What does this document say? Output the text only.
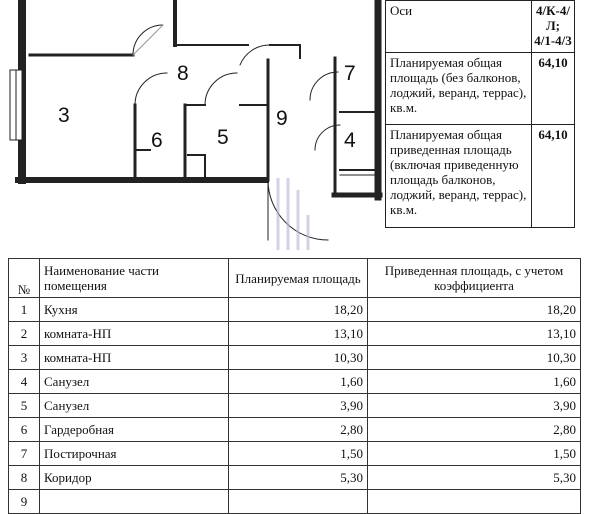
3
4
5
6
7
8
9
Оси	4/К-4/Л; 4/1-4/3
Планируемая общая площадь (без балконов, лоджий, веранд, террас), кв.м.	64,10
Планируемая общая приведенная площадь (включая приведенную площадь балконов, лоджий, веранд, террас), кв.м.	64,10
№	Наименование части помещения	Планируемая площадь	Приведенная площадь, с учетом коэффициента
1	Кухня	18,20	18,20
2	комната-НП	13,10	13,10
3	комната-НП	10,30	10,30
4	Санузел	1,60	1,60
5	Санузел	3,90	3,90
6	Гардеробная	2,80	2,80
7	Постирочная	1,50	1,50
8	Коридор	5,30	5,30
9			
